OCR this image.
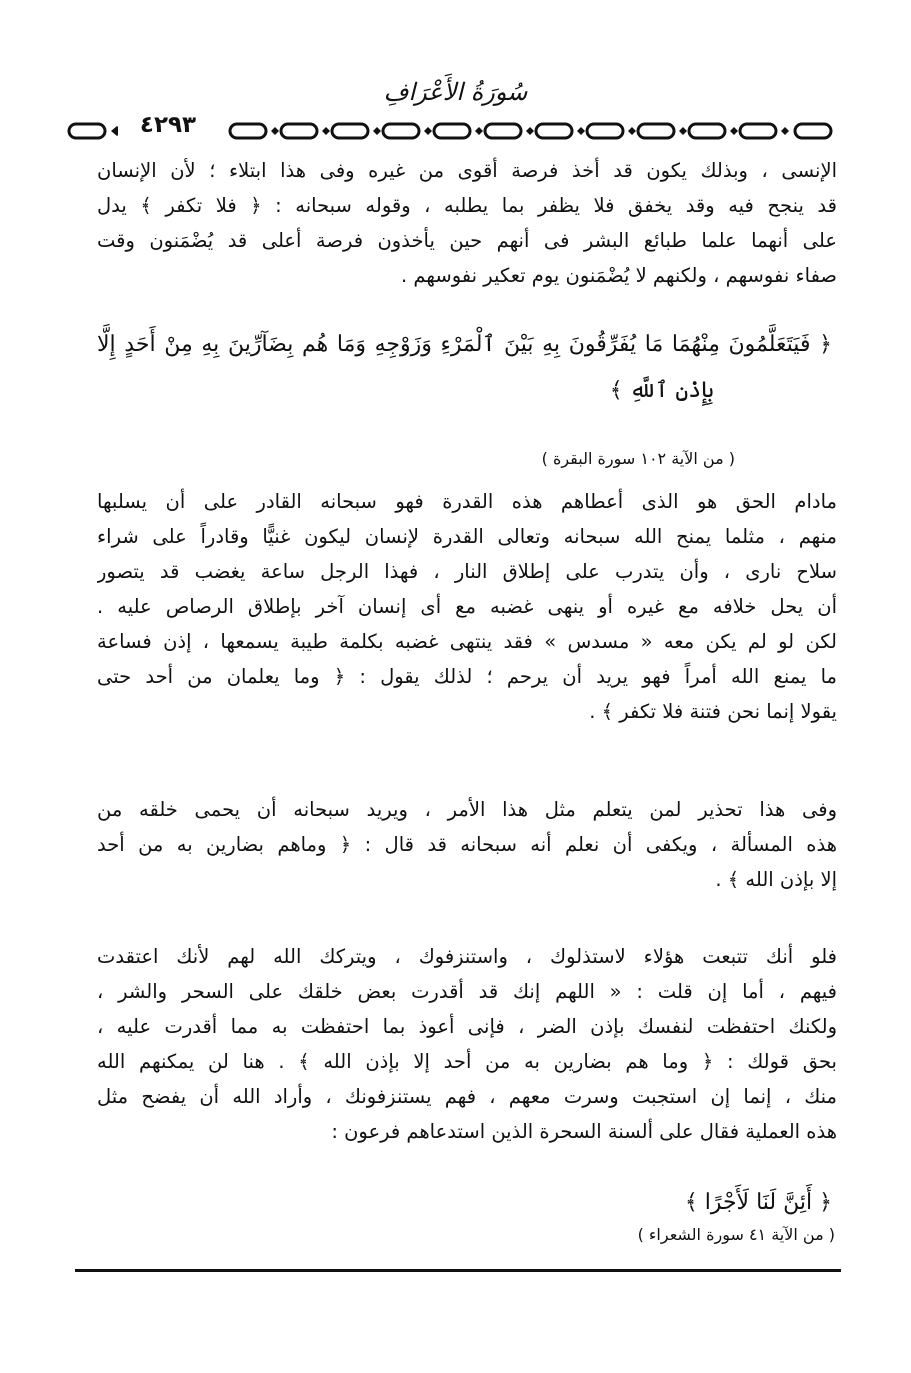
سُورَةُ الأَعْرَافِ
٤٢٩٣
الإنسى ، وبذلك يكون قد أخذ فرصة أقوى من غيره وفى هذا ابتلاء ؛ لأن الإنسان
قد ينجح فيه وقد يخفق فلا يظفر بما يطلبه ، وقوله سبحانه : ﴿ فلا تكفر ﴾ يدل
على أنهما علما طبائع البشر فى أنهم حين يأخذون فرصة أعلى قد يُضْمَنون وقت
صفاء نفوسهم ، ولكنهم لا يُضْمَنون يوم تعكير نفوسهم .
﴿ فَيَتَعَلَّمُونَ مِنْهُمَا مَا يُفَرِّقُونَ بِهِ بَيْنَ ٱلْمَرْءِ وَزَوْجِهِ وَمَا هُم بِضَآرِّينَ بِهِ مِنْ أَحَدٍ إِلَّا
بِإِذْنِ ٱللَّهِ ﴾
( من الآية ١٠٢ سورة البقرة )
مادام الحق هو الذى أعطاهم هذه القدرة فهو سبحانه القادر على أن يسلبها
منهم ، مثلما يمنح الله سبحانه وتعالى القدرة لإنسان ليكون غنيًّا وقادراً على شراء
سلاح نارى ، وأن يتدرب على إطلاق النار ، فهذا الرجل ساعة يغضب قد يتصور
أن يحل خلافه مع غيره أو ينهى غضبه مع أى إنسان آخر بإطلاق الرصاص عليه .
لكن لو لم يكن معه « مسدس » فقد ينتهى غضبه بكلمة طيبة يسمعها ، إذن فساعة
ما يمنع الله أمراً فهو يريد أن يرحم ؛ لذلك يقول : ﴿ وما يعلمان من أحد حتى
يقولا إنما نحن فتنة فلا تكفر ﴾ .
وفى هذا تحذير لمن يتعلم مثل هذا الأمر ، ويريد سبحانه أن يحمى خلقه من
هذه المسألة ، ويكفى أن نعلم أنه سبحانه قد قال : ﴿ وماهم بضارين به من أحد
إلا بإذن الله ﴾ .
فلو أنك تتبعت هؤلاء لاستذلوك ، واستنزفوك ، ويتركك الله لهم لأنك اعتقدت
فيهم ، أما إن قلت : « اللهم إنك قد أقدرت بعض خلقك على السحر والشر ،
ولكنك احتفظت لنفسك بإذن الضر ، فإنى أعوذ بما احتفظت به مما أقدرت عليه ،
بحق قولك : ﴿ وما هم بضارين به من أحد إلا بإذن الله ﴾ . هنا لن يمكنهم الله
منك ، إنما إن استجبت وسرت معهم ، فهم يستنزفونك ، وأراد الله أن يفضح مثل
هذه العملية فقال على ألسنة السحرة الذين استدعاهم فرعون :
﴿ أَئِنَّ لَنَا لَأَجْرًا ﴾
( من الآية ٤١ سورة الشعراء )
